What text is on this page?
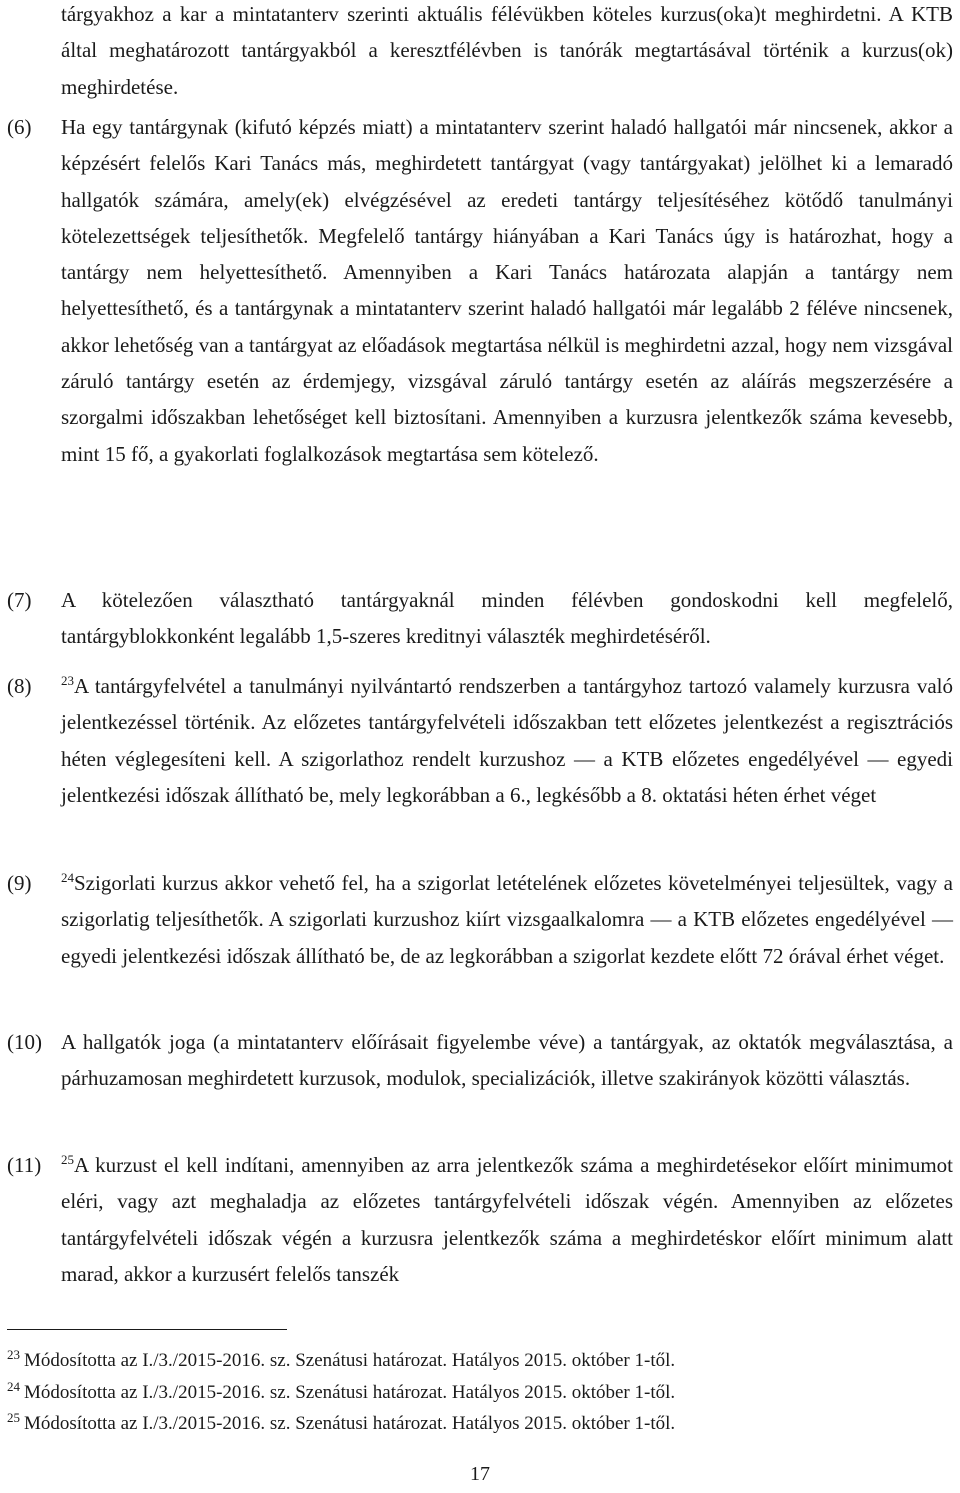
tárgyakhoz a kar a mintatanterv szerinti aktuális félévükben köteles kurzus(oka)t meghirdetni. A KTB által meghatározott tantárgyakból a keresztfélévben is tanórák megtartásával történik a kurzus(ok) meghirdetése.
(6) Ha egy tantárgynak (kifutó képzés miatt) a mintatanterv szerint haladó hallgatói már nincsenek, akkor a képzésért felelős Kari Tanács más, meghirdetett tantárgyat (vagy tantárgyakat) jelölhet ki a lemaradó hallgatók számára, amely(ek) elvégzésével az eredeti tantárgy teljesítéséhez kötődő tanulmányi kötelezettségek teljesíthetők. Megfelelő tantárgy hiányában a Kari Tanács úgy is határozhat, hogy a tantárgy nem helyettesíthető. Amennyiben a Kari Tanács határozata alapján a tantárgy nem helyettesíthető, és a tantárgynak a mintatanterv szerint haladó hallgatói már legalább 2 féléve nincsenek, akkor lehetőség van a tantárgyat az előadások megtartása nélkül is meghirdetni azzal, hogy nem vizsgával záruló tantárgy esetén az érdemjegy, vizsgával záruló tantárgy esetén az aláírás megszerzésére a szorgalmi időszakban lehetőséget kell biztosítani. Amennyiben a kurzusra jelentkezők száma kevesebb, mint 15 fő, a gyakorlati foglalkozások megtartása sem kötelező.
(7) A kötelezően választható tantárgyaknál minden félévben gondoskodni kell megfelelő, tantárgyblokkonként legalább 1,5-szeres kreditnyi választék meghirdetéséről.
(8) $^{23}$A tantárgyfelvétel a tanulmányi nyilvántartó rendszerben a tantárgyhoz tartozó valamely kurzusra való jelentkezéssel történik. Az előzetes tantárgyfelvételi időszakban tett előzetes jelentkezést a regisztrációs héten véglegesíteni kell. A szigorlathoz rendelt kurzushoz — a KTB előzetes engedélyével — egyedi jelentkezési időszak állítható be, mely legkorábban a 6., legkésőbb a 8. oktatási héten érhet véget
(9) $^{24}$Szigorlati kurzus akkor vehető fel, ha a szigorlat letételének előzetes követelményei teljesültek, vagy a szigorlatig teljesíthetők. A szigorlati kurzushoz kiírt vizsgaalkalomra — a KTB előzetes engedélyével — egyedi jelentkezési időszak állítható be, de az legkorábban a szigorlat kezdete előtt 72 órával érhet véget.
(10) A hallgatók joga (a mintatanterv előírásait figyelembe véve) a tantárgyak, az oktatók megválasztása, a párhuzamosan meghirdetett kurzusok, modulok, specializációk, illetve szakirányok közötti választás.
(11) $^{25}$A kurzust el kell indítani, amennyiben az arra jelentkezők száma a meghirdetésekor előírt minimumot eléri, vagy azt meghaladja az előzetes tantárgyfelvételi időszak végén. Amennyiben az előzetes tantárgyfelvételi időszak végén a kurzusra jelentkezők száma a meghirdetéskor előírt minimum alatt marad, akkor a kurzusért felelős tanszék
$^{23}$ Módosította az I./3./2015-2016. sz. Szenátusi határozat. Hatályos 2015. október 1-től.
$^{24}$ Módosította az I./3./2015-2016. sz. Szenátusi határozat. Hatályos 2015. október 1-től.
$^{25}$ Módosította az I./3./2015-2016. sz. Szenátusi határozat. Hatályos 2015. október 1-től.
17
